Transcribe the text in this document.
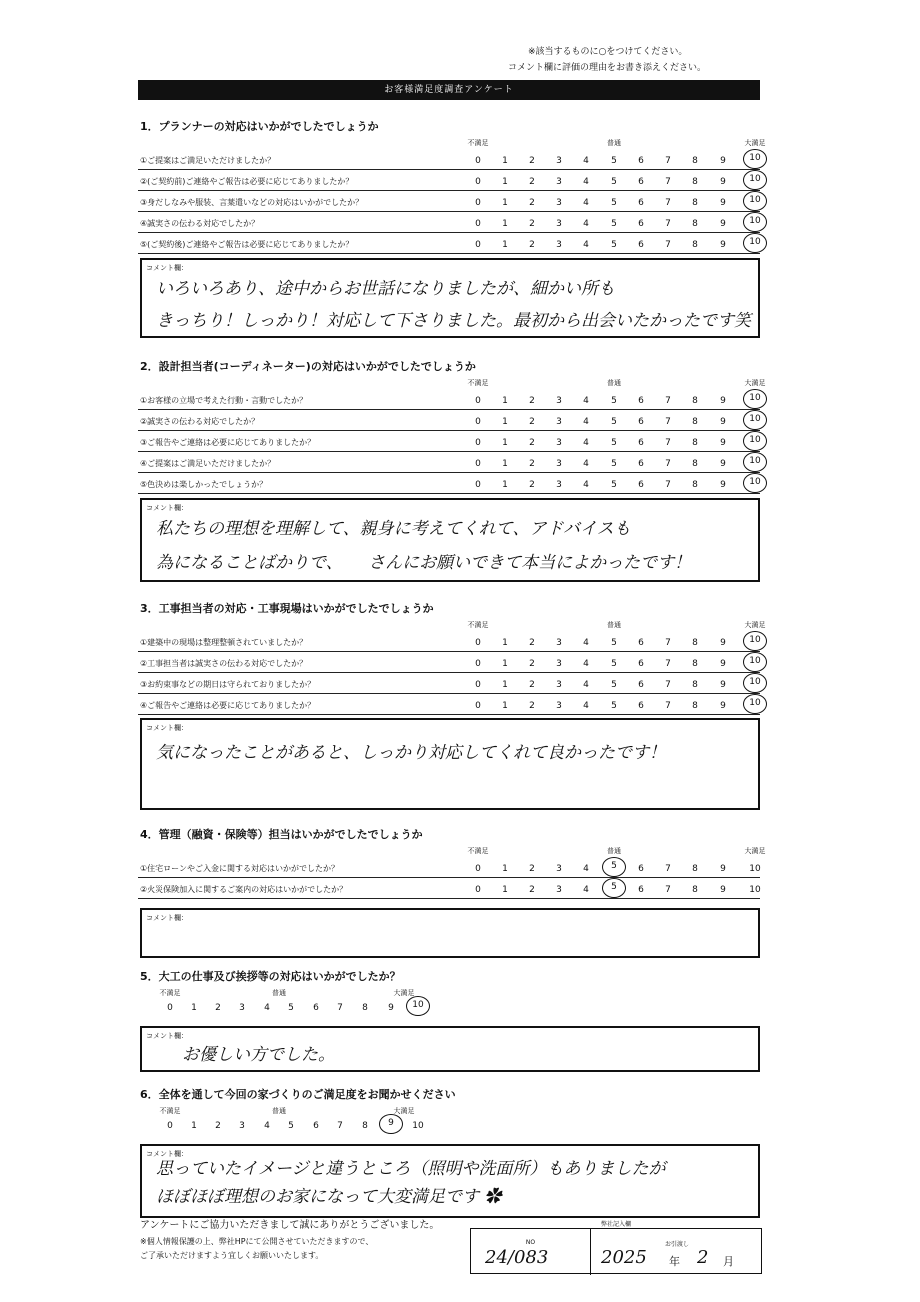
※該当するものに○をつけてください。
コメント欄に評価の理由をお書き添えください。
お客様満足度調査アンケート
1．プランナーの対応はいかがでしたでしょうか
不満足	普通	大満足
①ご提案はご満足いただけましたか？	0	1	2	3	4	5	6	7	8	9	10
②(ご契約前)ご連絡やご報告は必要に応じてありましたか？	0	1	2	3	4	5	6	7	8	9	10
③身だしなみや服装、言葉遣いなどの対応はいかがでしたか？	0	1	2	3	4	5	6	7	8	9	10
④誠実さの伝わる対応でしたか？	0	1	2	3	4	5	6	7	8	9	10
⑤(ご契約後)ご連絡やご報告は必要に応じてありましたか？	0	1	2	3	4	5	6	7	8	9	10
コメント欄：
いろいろあり、途中からお世話になりましたが、細かい所も
きっちり！しっかり！対応して下さりました。最初から出会いたかったです笑
2．設計担当者(コーディネーター)の対応はいかがでしたでしょうか
不満足	普通	大満足
①お客様の立場で考えた行動・言動でしたか？	0	1	2	3	4	5	6	7	8	9	10
②誠実さの伝わる対応でしたか？	0	1	2	3	4	5	6	7	8	9	10
③ご報告やご連絡は必要に応じてありましたか？	0	1	2	3	4	5	6	7	8	9	10
④ご提案はご満足いただけましたか？	0	1	2	3	4	5	6	7	8	9	10
⑤色決めは楽しかったでしょうか？	0	1	2	3	4	5	6	7	8	9	10
コメント欄：
私たちの理想を理解して、親身に考えてくれて、アドバイスも
為になることばかりで、　　さんにお願いできて本当によかったです！
3．工事担当者の対応・工事現場はいかがでしたでしょうか
不満足	普通	大満足
①建築中の現場は整理整頓されていましたか？	0	1	2	3	4	5	6	7	8	9	10
②工事担当者は誠実さの伝わる対応でしたか？	0	1	2	3	4	5	6	7	8	9	10
③お約束事などの期日は守られておりましたか？	0	1	2	3	4	5	6	7	8	9	10
④ご報告やご連絡は必要に応じてありましたか？	0	1	2	3	4	5	6	7	8	9	10
コメント欄：
気になったことがあると、しっかり対応してくれて良かったです！
4．管理（融資・保険等）担当はいかがでしたでしょうか
不満足	普通	大満足
①住宅ローンやご入金に関する対応はいかがでしたか？	0	1	2	3	4	5	6	7	8	9	10
②火災保険加入に関するご案内の対応はいかがでしたか？	0	1	2	3	4	5	6	7	8	9	10
コメント欄：
5．大工の仕事及び挨拶等の対応はいかがでしたか？
不満足	普通	大満足
0	1	2	3	4	5	6	7	8	9	10
コメント欄：
お優しい方でした。
6．全体を通して今回の家づくりのご満足度をお聞かせください
不満足	普通	大満足
0	1	2	3	4	5	6	7	8	9	10
コメント欄：
思っていたイメージと違うところ（照明や洗面所）もありましたが
ほぼほぼ理想のお家になって大変満足です ✿
アンケートにご協力いただきまして誠にありがとうございました。
※個人情報保護の上、弊社HPにて公開させていただきますので、
ご了承いただけますよう宜しくお願いいたします。
弊社記入欄
NO
24/083
お引渡し
2025 年 2 月
